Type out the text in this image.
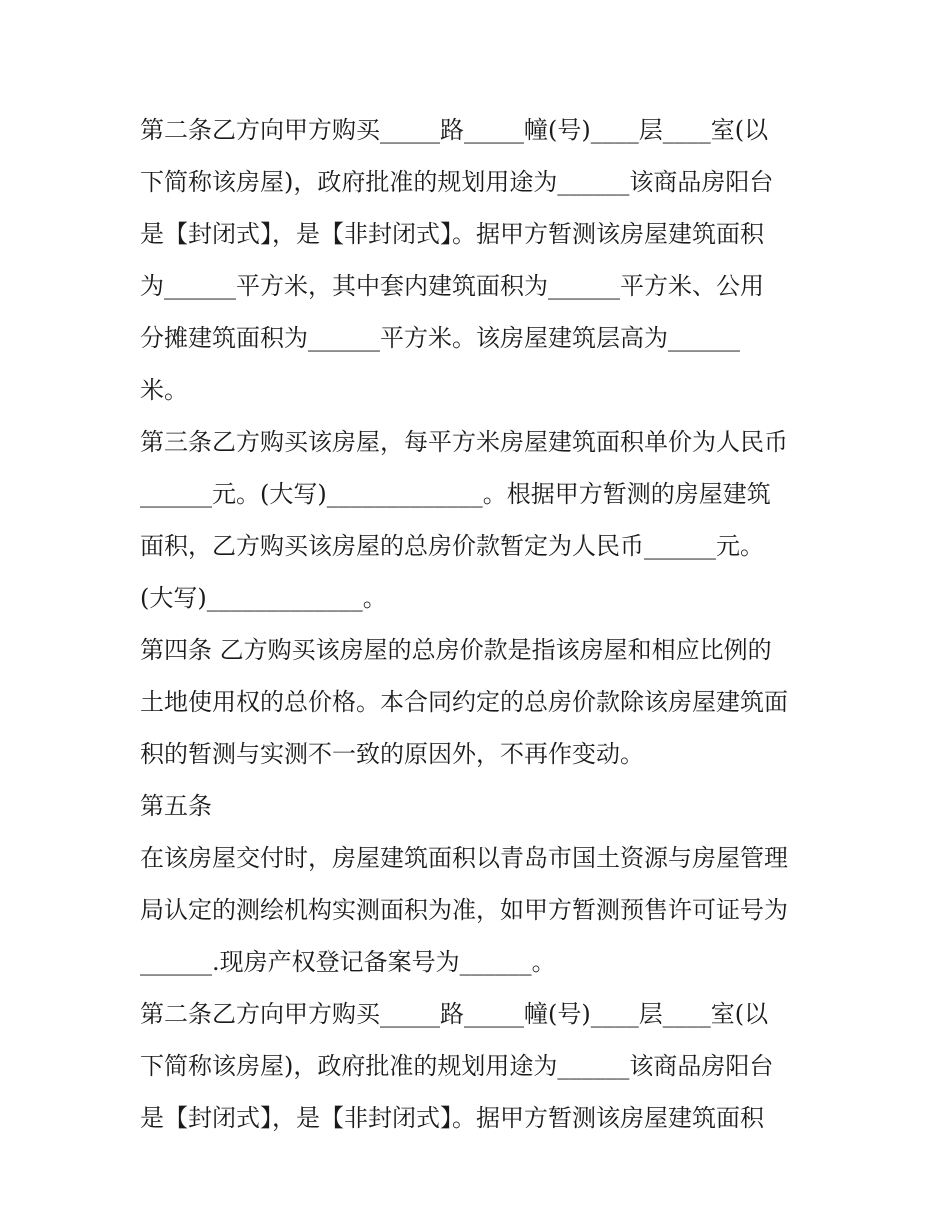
第二条乙方向甲方购买_____路_____幢(号)____层____室(以
下简称该房屋)，政府批准的规划用途为______该商品房阳台
是【封闭式】，是【非封闭式】。据甲方暂测该房屋建筑面积
为______平方米，其中套内建筑面积为______平方米、公用
分摊建筑面积为______平方米。该房屋建筑层高为______
米。
第三条乙方购买该房屋，每平方米房屋建筑面积单价为人民币
______元。(大写)_____________。根据甲方暂测的房屋建筑
面积，乙方购买该房屋的总房价款暂定为人民币______元。
(大写)_____________。
第四条 乙方购买该房屋的总房价款是指该房屋和相应比例的
土地使用权的总价格。本合同约定的总房价款除该房屋建筑面
积的暂测与实测不一致的原因外，不再作变动。
第五条
在该房屋交付时，房屋建筑面积以青岛市国土资源与房屋管理
局认定的测绘机构实测面积为准，如甲方暂测预售许可证号为
______.现房产权登记备案号为______。
第二条乙方向甲方购买_____路_____幢(号)____层____室(以
下简称该房屋)，政府批准的规划用途为______该商品房阳台
是【封闭式】，是【非封闭式】。据甲方暂测该房屋建筑面积
